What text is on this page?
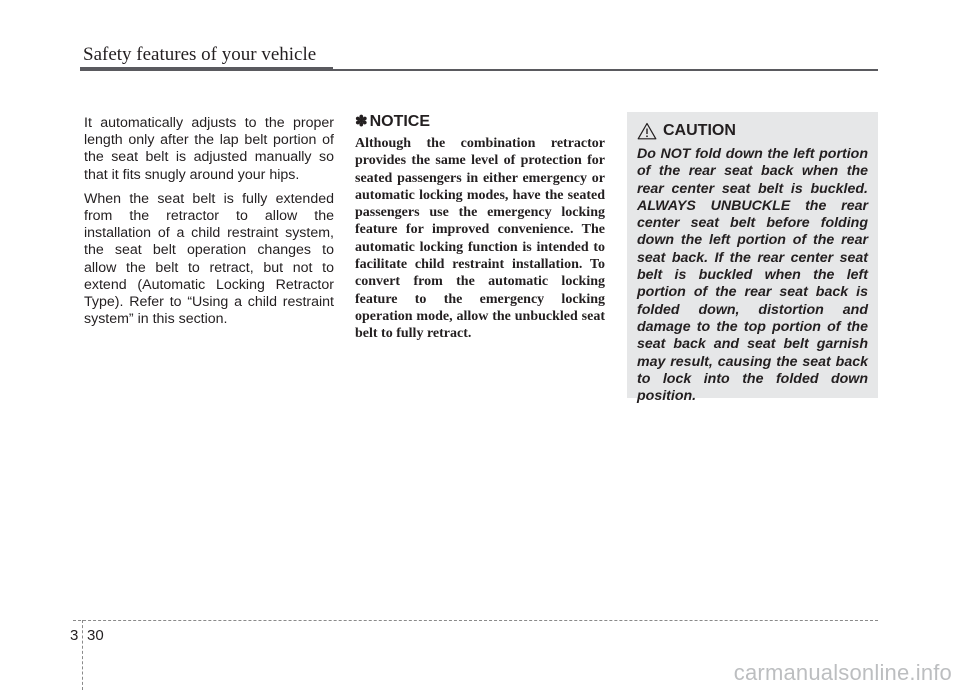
Safety features of your vehicle

It automatically adjusts to the proper length only after the lap belt portion of the seat belt is adjusted manually so that it fits snugly around your hips.

When the seat belt is fully extended from the retractor to allow the installation of a child restraint system, the seat belt operation changes to allow the belt to retract, but not to extend (Automatic Locking Retractor Type). Refer to “Using a child restraint system” in this section.

✽ NOTICE

Although the combination retractor provides the same level of protection for seated passengers in either emergency or automatic locking modes, have the seated passengers use the emergency locking feature for improved convenience. The automatic locking function is intended to facilitate child restraint installation. To convert from the automatic locking feature to the emergency locking operation mode, allow the unbuckled seat belt to fully retract.

CAUTION

Do NOT fold down the left portion of the rear seat back when the rear center seat belt is buckled. ALWAYS UNBUCKLE the rear center seat belt before folding down the left portion of the rear seat back. If the rear center seat belt is buckled when the left portion of the rear seat back is folded down, distortion and damage to the top portion of the seat back and seat belt garnish may result, causing the seat back to lock into the folded down position.

3 30
carmanualsonline.info
